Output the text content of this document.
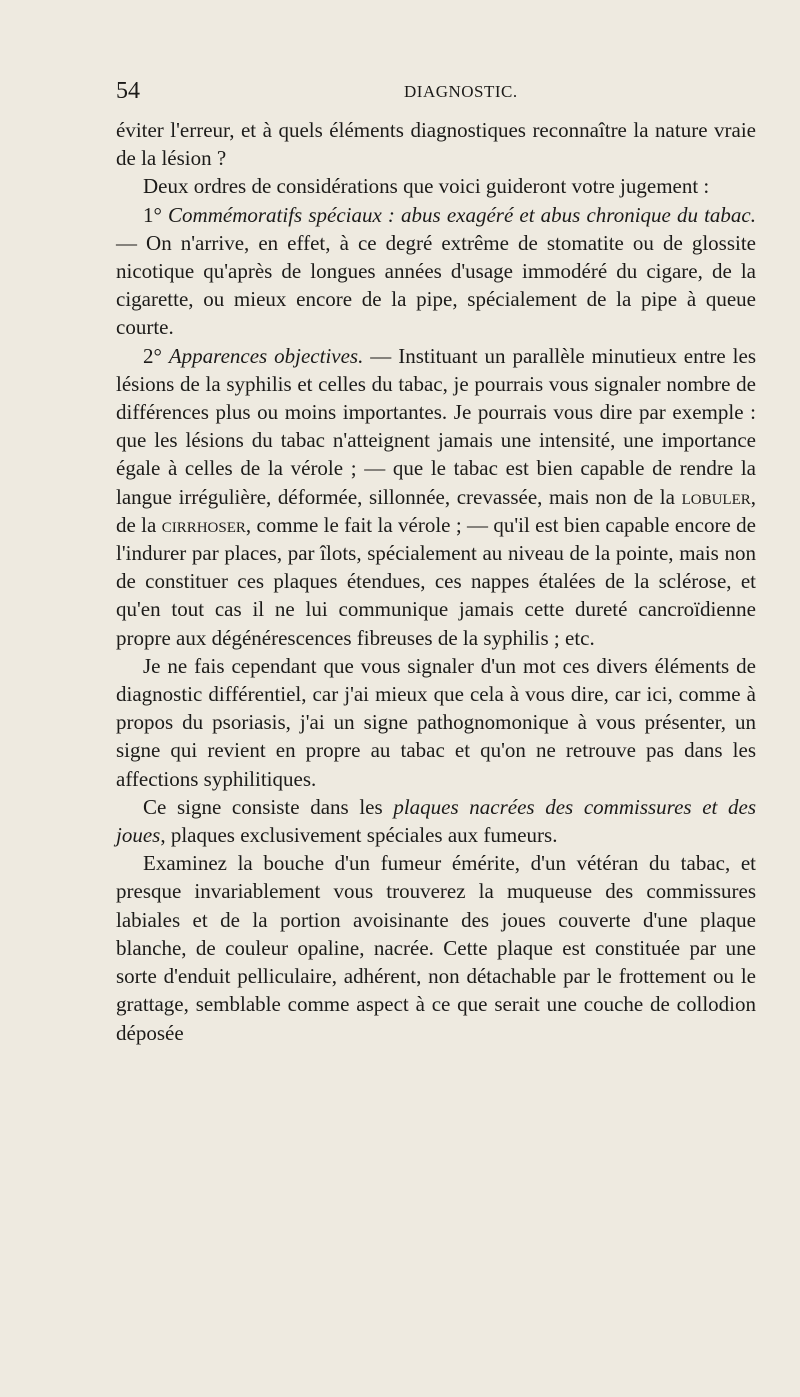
54	DIAGNOSTIC.

éviter l'erreur, et à quels éléments diagnostiques reconnaître la nature vraie de la lésion ?

Deux ordres de considérations que voici guideront votre jugement :

1° Commémoratifs spéciaux : abus exagéré et abus chronique du tabac. — On n'arrive, en effet, à ce degré extrême de stomatite ou de glossite nicotique qu'après de longues années d'usage immodéré du cigare, de la cigarette, ou mieux encore de la pipe, spécialement de la pipe à queue courte.

2° Apparences objectives. — Instituant un parallèle minutieux entre les lésions de la syphilis et celles du tabac, je pourrais vous signaler nombre de différences plus ou moins importantes. Je pourrais vous dire par exemple : que les lésions du tabac n'atteignent jamais une intensité, une importance égale à celles de la vérole ; — que le tabac est bien capable de rendre la langue irrégulière, déformée, sillonnée, crevassée, mais non de la lobuler, de la cirrhoser, comme le fait la vérole ; — qu'il est bien capable encore de l'indurer par places, par îlots, spécialement au niveau de la pointe, mais non de constituer ces plaques étendues, ces nappes étalées de la sclérose, et qu'en tout cas il ne lui communique jamais cette dureté cancroïdienne propre aux dégénérescences fibreuses de la syphilis ; etc.

Je ne fais cependant que vous signaler d'un mot ces divers éléments de diagnostic différentiel, car j'ai mieux que cela à vous dire, car ici, comme à propos du psoriasis, j'ai un signe pathognomonique à vous présenter, un signe qui revient en propre au tabac et qu'on ne retrouve pas dans les affections syphilitiques.

Ce signe consiste dans les plaques nacrées des commissures et des joues, plaques exclusivement spéciales aux fumeurs.

Examinez la bouche d'un fumeur émérite, d'un vétéran du tabac, et presque invariablement vous trouverez la muqueuse des commissures labiales et de la portion avoisinante des joues couverte d'une plaque blanche, de couleur opaline, nacrée. Cette plaque est constituée par une sorte d'enduit pelliculaire, adhérent, non détachable par le frottement ou le grattage, semblable comme aspect à ce que serait une couche de collodion déposée
